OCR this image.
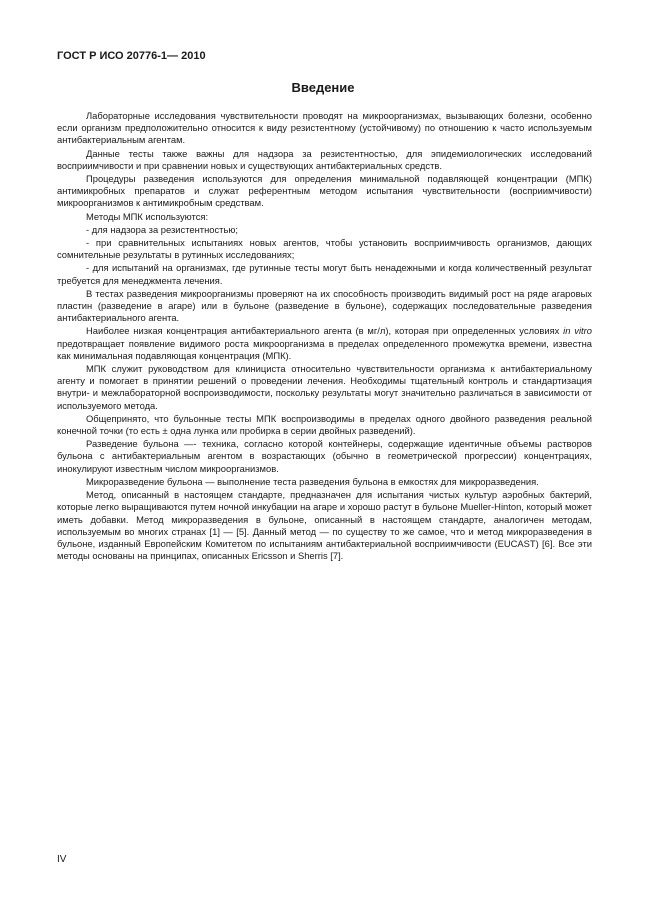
ГОСТ Р ИСО 20776-1— 2010
Введение

Лабораторные исследования чувствительности проводят на микроорганизмах, вызывающих болезни, особенно если организм предположительно относится к виду резистентному (устойчивому) по отношению к часто используемым антибактериальным агентам.

Данные тесты также важны для надзора за резистентностью, для эпидемиологических исследований восприимчивости и при сравнении новых и существующих антибактериальных средств.

Процедуры разведения используются для определения минимальной подавляющей концентрации (МПК) антимикробных препаратов и служат референтным методом испытания чувствительности (восприимчивости) микроорганизмов к антимикробным средствам.

Методы МПК используются:

- для надзора за резистентностью;

- при сравнительных испытаниях новых агентов, чтобы установить восприимчивость организмов, дающих сомнительные результаты в рутинных исследованиях;

- для испытаний на организмах, где рутинные тесты могут быть ненадежными и когда количественный результат требуется для менеджмента лечения.

В тестах разведения микроорганизмы проверяют на их способность производить видимый рост на ряде агаровых пластин (разведение в агаре) или в бульоне (разведение в бульоне), содержащих последовательные разведения антибактериального агента.

Наиболее низкая концентрация антибактериального агента (в мг/л), которая при определенных условиях in vitro предотвращает появление видимого роста микроорганизма в пределах определенного промежутка времени, известна как минимальная подавляющая концентрация (МПК).

МПК служит руководством для клинициста относительно чувствительности организма к антибактериальному агенту и помогает в принятии решений о проведении лечения. Необходимы тщательный контроль и стандартизация внутри- и межлабораторной воспроизводимости, поскольку результаты могут значительно различаться в зависимости от используемого метода.

Общепринято, что бульонные тесты МПК воспроизводимы в пределах одного двойного разведения реальной конечной точки (то есть ± одна лунка или пробирка в серии двойных разведений).

Разведение бульона —- техника, согласно которой контейнеры, содержащие идентичные объемы растворов бульона с антибактериальным агентом в возрастающих (обычно в геометрической прогрессии) концентрациях, инокулируют известным числом микроорганизмов.

Микроразведение бульона — выполнение теста разведения бульона в емкостях для микроразведения.

Метод, описанный в настоящем стандарте, предназначен для испытания чистых культур аэробных бактерий, которые легко выращиваются путем ночной инкубации на агаре и хорошо растут в бульоне Mueller-Hinton, который может иметь добавки. Метод микроразведения в бульоне, описанный в настоящем стандарте, аналогичен методам, используемым во многих странах [1] — [5]. Данный метод — по существу то же самое, что и метод микроразведения в бульоне, изданный Европейским Комитетом по испытаниям антибактериальной восприимчивости (EUCAST) [6]. Все эти методы основаны на принципах, описанных Ericsson и Sherris [7].

IV
